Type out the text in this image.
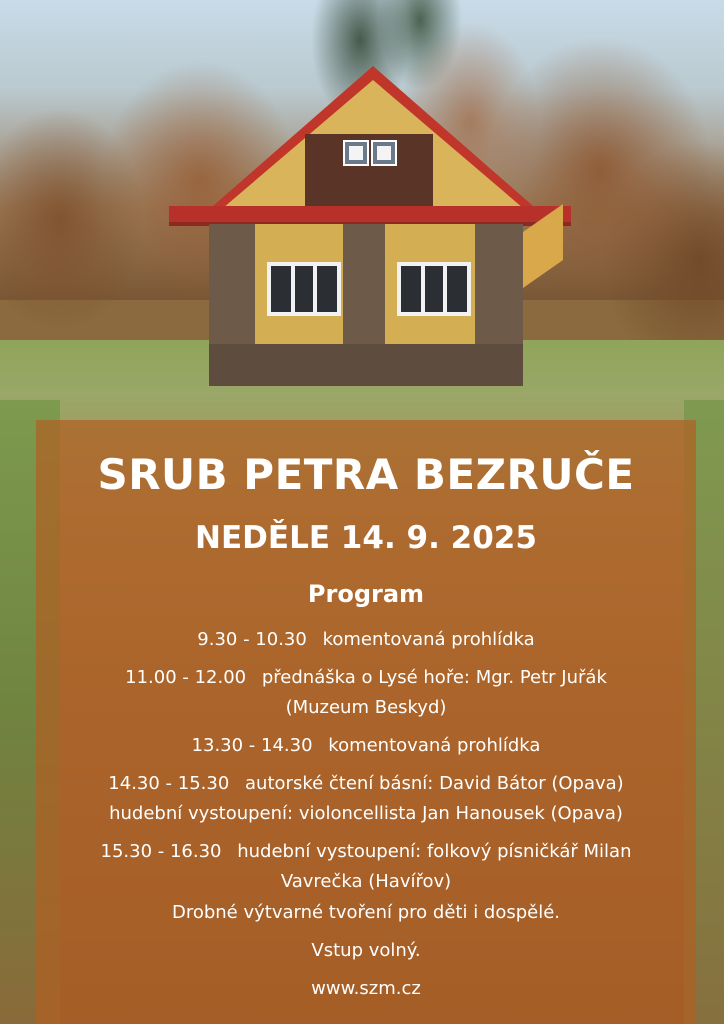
SRUB PETRA BEZRUČE
NEDĚLE 14. 9. 2025
Program
9.30 - 10.30 komentovaná prohlídka
11.00 - 12.00 přednáška o Lysé hoře: Mgr. Petr Juřák
(Muzeum Beskyd)
13.30 - 14.30 komentovaná prohlídka
14.30 - 15.30 autorské čtení básní: David Bátor (Opava)
hudební vystoupení: violoncellista Jan Hanousek (Opava)
15.30 - 16.30 hudební vystoupení: folkový písničkář Milan
Vavrečka (Havířov)
Drobné výtvarné tvoření pro děti i dospělé.
Vstup volný.
www.szm.cz
